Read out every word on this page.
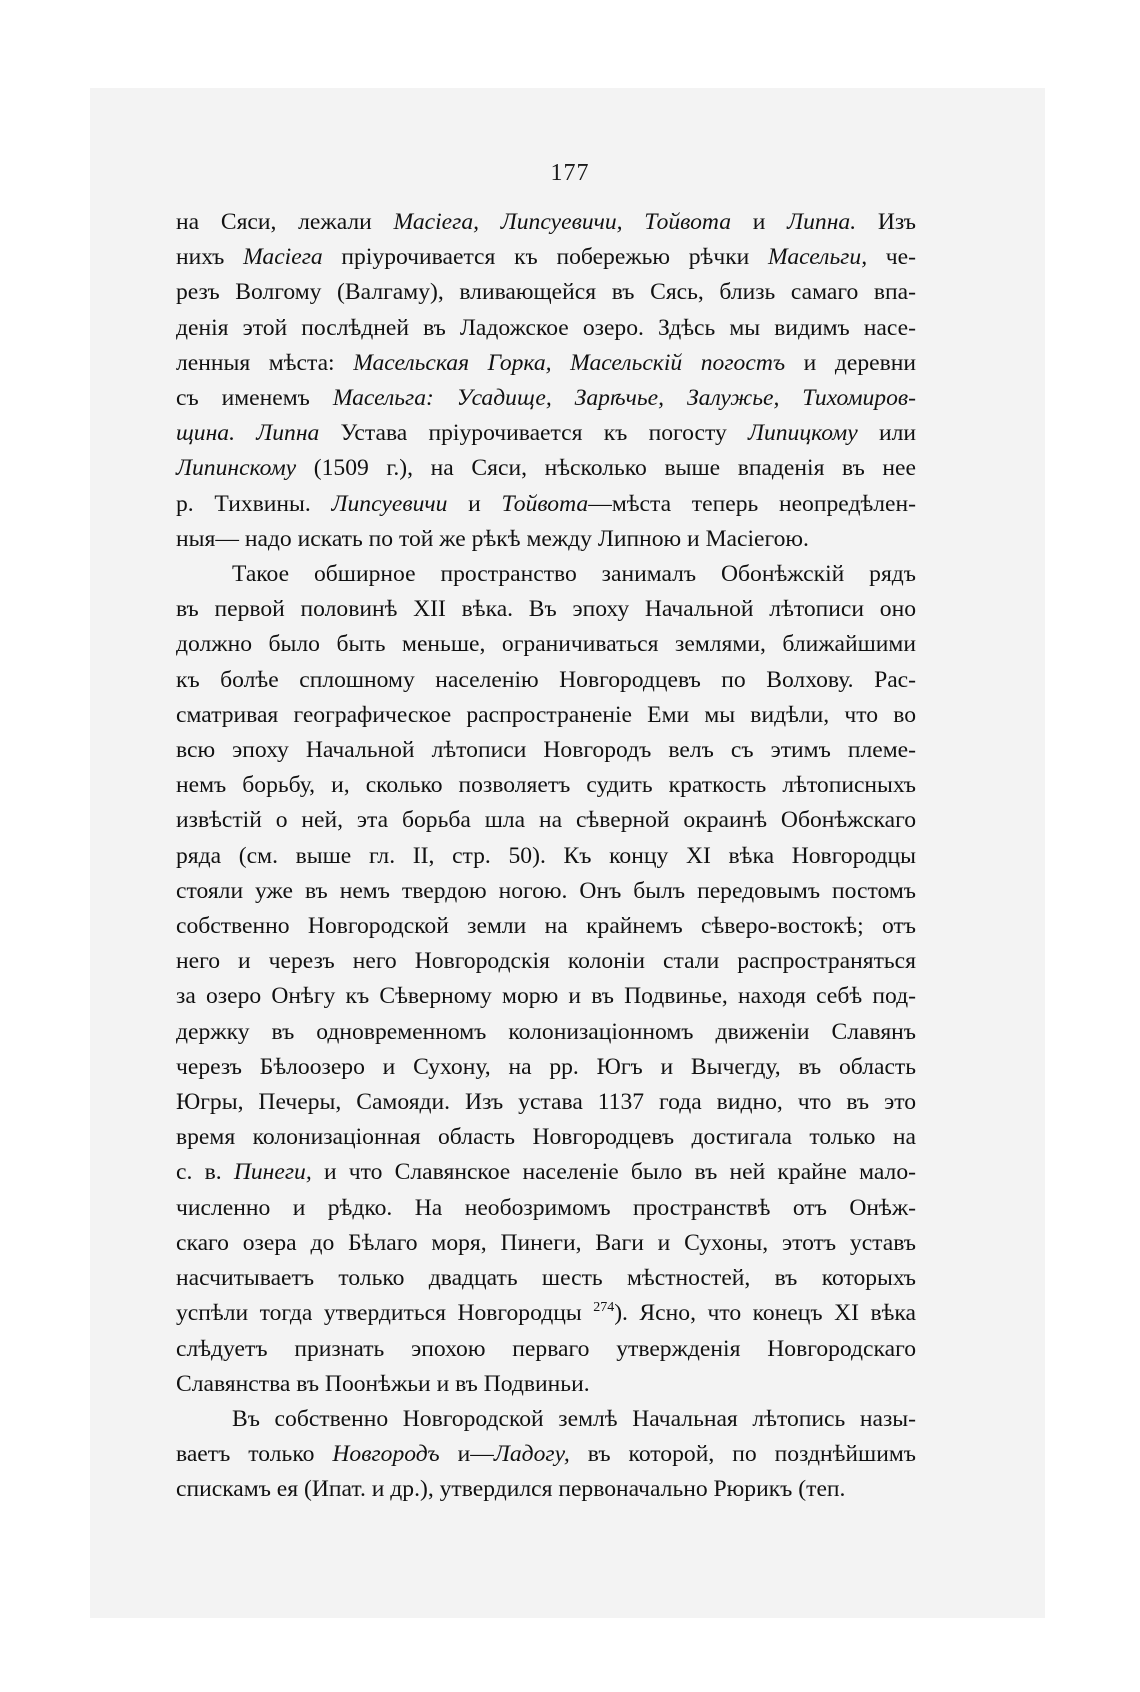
177
на Сяси, лежали Масіега, Липсуевичи, Тойвота и Липна. Изъ
нихъ Масіега пріурочивается къ побережью рѣчки Масельги, че-
резъ Волгому (Валгаму), вливающейся въ Сясь, близь самаго впа-
денія этой послѣдней въ Ладожское озеро. Здѣсь мы видимъ насе-
ленныя мѣста: Масельская Горка, Масельскій погостъ и деревни
съ именемъ Масельга: Усадище, Зарѣчье, Залужье, Тихомиров-
щина. Липна Устава пріурочивается къ погосту Липицкому или
Липинскому (1509 г.), на Сяси, нѣсколько выше впаденія въ нее
р. Тихвины. Липсуевичи и Тойвота—мѣста теперь неопредѣлен-
ныя— надо искать по той же рѣкѣ между Липною и Масіегою.
Такое обширное пространство занималъ Обонѣжскій рядъ
въ первой половинѣ XII вѣка. Въ эпоху Начальной лѣтописи оно
должно было быть меньше, ограничиваться землями, ближайшими
къ болѣе сплошному населенію Новгородцевъ по Волхову. Рас-
сматривая географическое распространеніе Еми мы видѣли, что во
всю эпоху Начальной лѣтописи Новгородъ велъ съ этимъ племе-
немъ борьбу, и, сколько позволяетъ судить краткость лѣтописныхъ
извѣстій о ней, эта борьба шла на сѣверной окраинѣ Обонѣжскаго
ряда (см. выше гл. II, стр. 50). Къ концу XI вѣка Новгородцы
стояли уже въ немъ твердою ногою. Онъ былъ передовымъ постомъ
собственно Новгородской земли на крайнемъ сѣверо-востокѣ; отъ
него и черезъ него Новгородскія колоніи стали распространяться
за озеро Онѣгу къ Сѣверному морю и въ Подвинье, находя себѣ под-
держку въ одновременномъ колонизаціонномъ движеніи Славянъ
черезъ Бѣлоозеро и Сухону, на рр. Югъ и Вычегду, въ область
Югры, Печеры, Самояди. Изъ устава 1137 года видно, что въ это
время колонизаціонная область Новгородцевъ достигала только на
с. в. Пинеги, и что Славянское населеніе было въ ней крайне мало-
численно и рѣдко. На необозримомъ пространствѣ отъ Онѣж-
скаго озера до Бѣлаго моря, Пинеги, Ваги и Сухоны, этотъ уставъ
насчитываетъ только двадцать шесть мѣстностей, въ которыхъ
успѣли тогда утвердиться Новгородцы $^{274}$). Ясно, что конецъ XI вѣка
слѣдуетъ признать эпохою перваго утвержденія Новгородскаго
Славянства въ Поонѣжьи и въ Подвиньи.
Въ собственно Новгородской землѣ Начальная лѣтопись назы-
ваетъ только Новгородъ и—Ладогу, въ которой, по позднѣйшимъ
спискамъ ея (Ипат. и др.), утвердился первоначально Рюрикъ (теп.
